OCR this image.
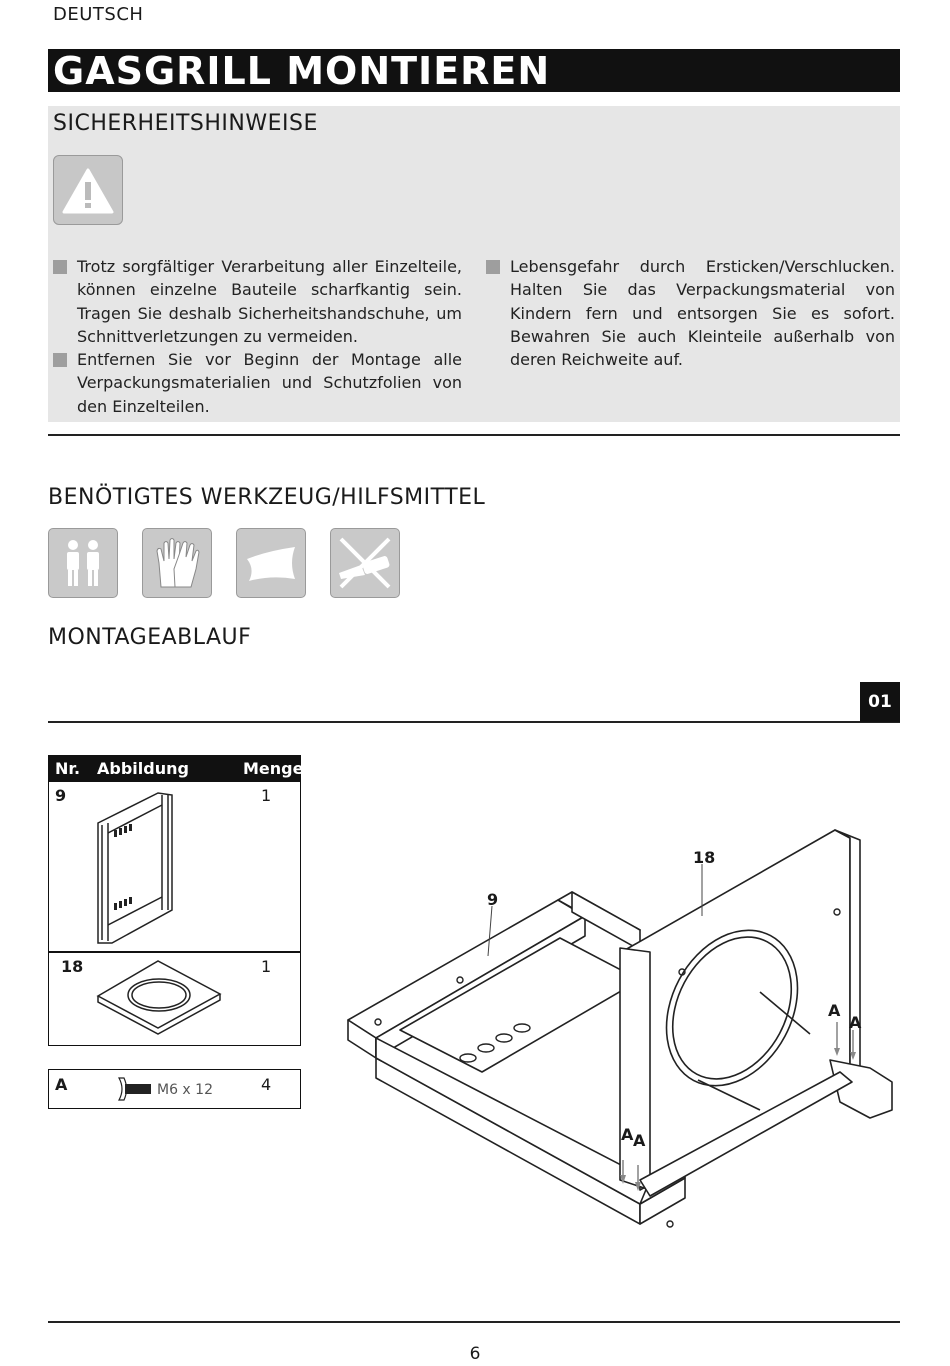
DEUTSCH
GASGRILL MONTIEREN
SICHERHEITSHINWEISE
Trotz sorgfältiger Verarbeitung aller Einzelteile, können einzelne Bauteile scharfkantig sein. Tragen Sie deshalb Sicherheitshandschuhe, um Schnittverletzungen zu vermeiden.
Entfernen Sie vor Beginn der Montage alle Verpackungsmaterialien und Schutzfolien von den Einzelteilen.
Lebensgefahr durch Ersticken/Verschlucken. Halten Sie das Verpackungsmaterial von Kindern fern und entsorgen Sie es sofort. Bewahren Sie auch Kleinteile außerhalb von deren Reichweite auf.
BENÖTIGTES WERKZEUG/HILFSMITTEL
MONTAGEABLAUF
01
Nr. Abbildung	Menge
9	1
18	1
A	M6 x 12	4
18
9
A
A
A A
6
